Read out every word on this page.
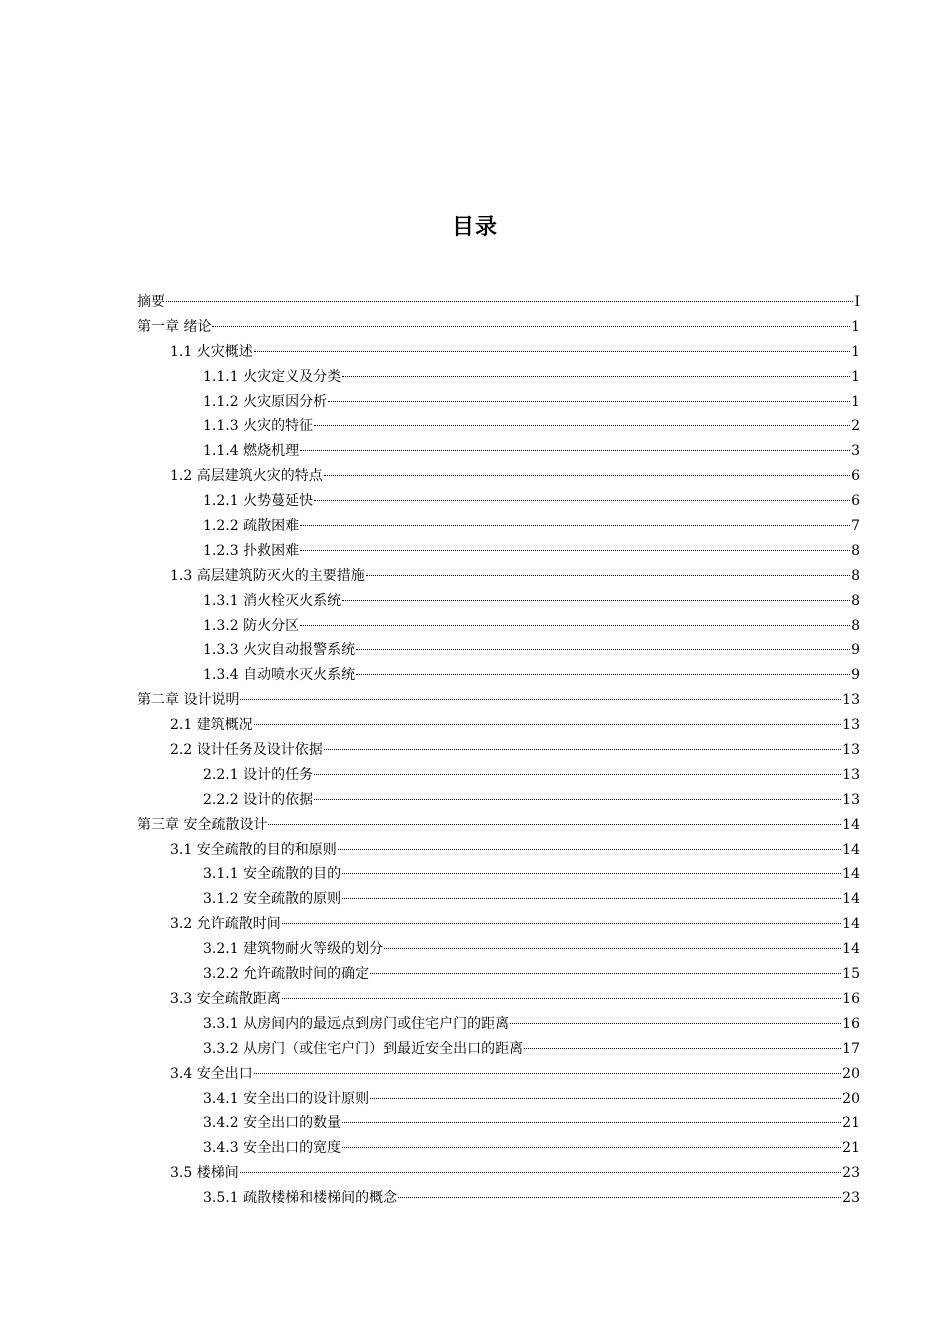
目录
摘要	I
第一章 绪论	1
1.1 火灾概述	1
1.1.1 火灾定义及分类	1
1.1.2 火灾原因分析	1
1.1.3 火灾的特征	2
1.1.4 燃烧机理	3
1.2 高层建筑火灾的特点	6
1.2.1 火势蔓延快	6
1.2.2 疏散困难	7
1.2.3 扑救困难	8
1.3 高层建筑防灭火的主要措施	8
1.3.1 消火栓灭火系统	8
1.3.2 防火分区	8
1.3.3 火灾自动报警系统	9
1.3.4 自动喷水灭火系统	9
第二章 设计说明	13
2.1 建筑概况	13
2.2 设计任务及设计依据	13
2.2.1 设计的任务	13
2.2.2 设计的依据	13
第三章 安全疏散设计	14
3.1 安全疏散的目的和原则	14
3.1.1 安全疏散的目的	14
3.1.2 安全疏散的原则	14
3.2 允许疏散时间	14
3.2.1 建筑物耐火等级的划分	14
3.2.2 允许疏散时间的确定	15
3.3 安全疏散距离	16
3.3.1 从房间内的最远点到房门或住宅户门的距离	16
3.3.2 从房门（或住宅户门）到最近安全出口的距离	17
3.4 安全出口	20
3.4.1 安全出口的设计原则	20
3.4.2 安全出口的数量	21
3.4.3 安全出口的宽度	21
3.5 楼梯间	23
3.5.1 疏散楼梯和楼梯间的概念	23
